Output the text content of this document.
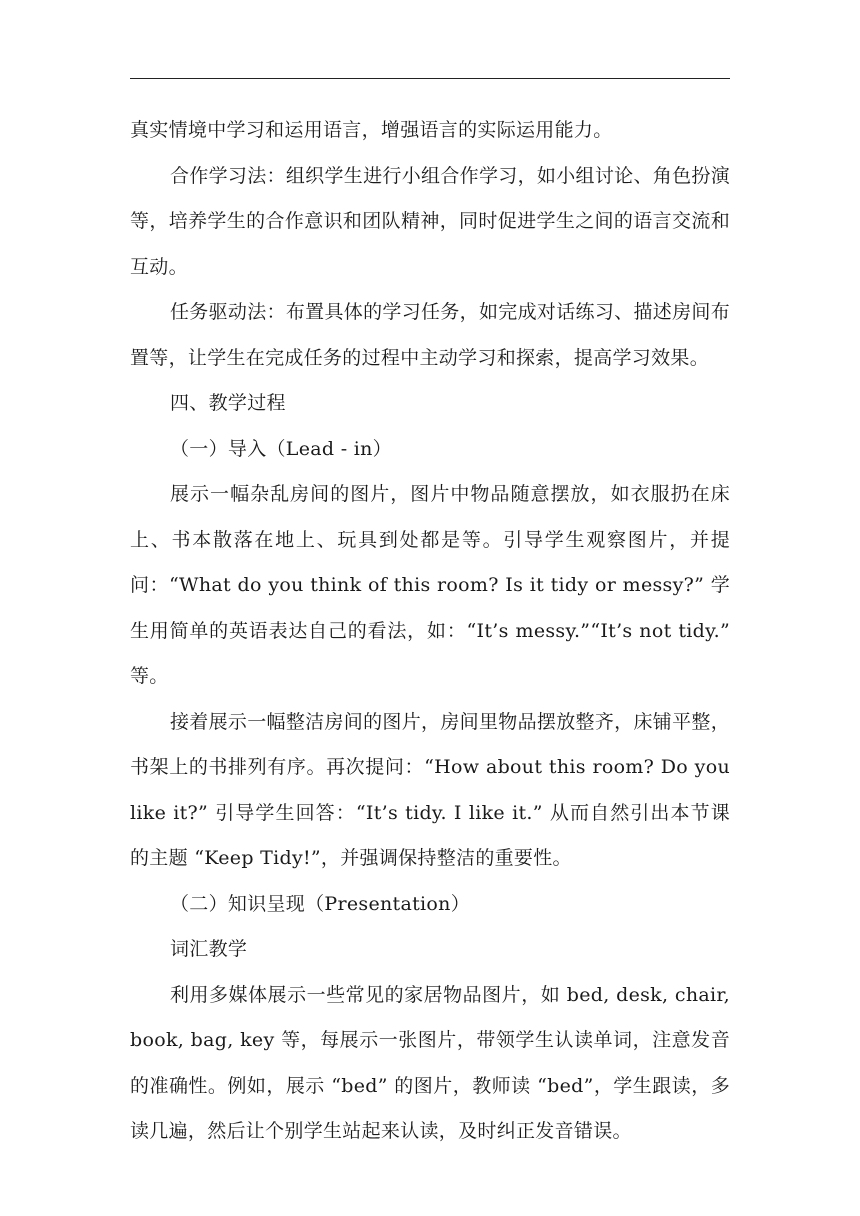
真实情境中学习和运用语言，增强语言的实际运用能力。

合作学习法：组织学生进行小组合作学习，如小组讨论、角色扮演等，培养学生的合作意识和团队精神，同时促进学生之间的语言交流和互动。

任务驱动法：布置具体的学习任务，如完成对话练习、描述房间布置等，让学生在完成任务的过程中主动学习和探索，提高学习效果。

四、教学过程

（一）导入（Lead - in）

展示一幅杂乱房间的图片，图片中物品随意摆放，如衣服扔在床上、书本散落在地上、玩具到处都是等。引导学生观察图片，并提问：“What do you think of this room? Is it tidy or messy?” 学生用简单的英语表达自己的看法，如：“It’s messy.”“It’s not tidy.” 等。

接着展示一幅整洁房间的图片，房间里物品摆放整齐，床铺平整，书架上的书排列有序。再次提问：“How about this room? Do you like it?” 引导学生回答：“It’s tidy. I like it.” 从而自然引出本节课的主题 “Keep Tidy!”，并强调保持整洁的重要性。

（二）知识呈现（Presentation）

词汇教学

利用多媒体展示一些常见的家居物品图片，如 bed, desk, chair, book, bag, key 等，每展示一张图片，带领学生认读单词，注意发音的准确性。例如，展示 “bed” 的图片，教师读 “bed”，学生跟读，多读几遍，然后让个别学生站起来认读，及时纠正发音错误。
